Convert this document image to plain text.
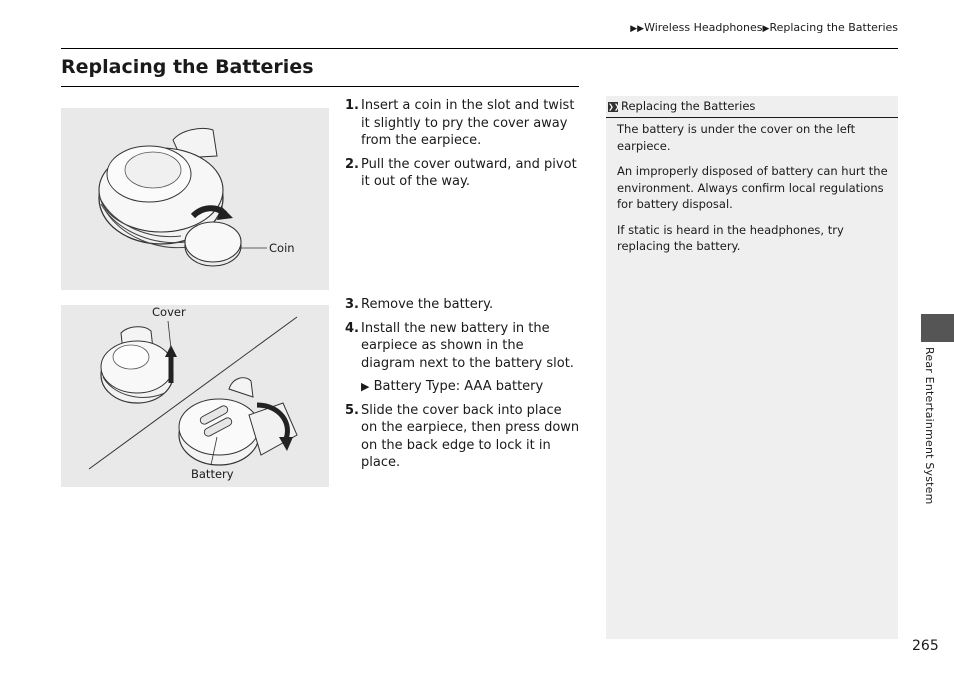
▶▶Wireless Headphones▶Replacing the Batteries
Replacing the Batteries
Coin
Cover
Battery
1. Insert a coin in the slot and twist it slightly to pry the cover away from the earpiece.
2. Pull the cover outward, and pivot it out of the way.
3. Remove the battery.
4. Install the new battery in the earpiece as shown in the diagram next to the battery slot.
▶ Battery Type: AAA battery
5. Slide the cover back into place on the earpiece, then press down on the back edge to lock it in place.
❯❯ Replacing the Batteries

The battery is under the cover on the left earpiece.

An improperly disposed of battery can hurt the environment. Always confirm local regulations for battery disposal.

If static is heard in the headphones, try replacing the battery.

Rear Entertainment System
265
